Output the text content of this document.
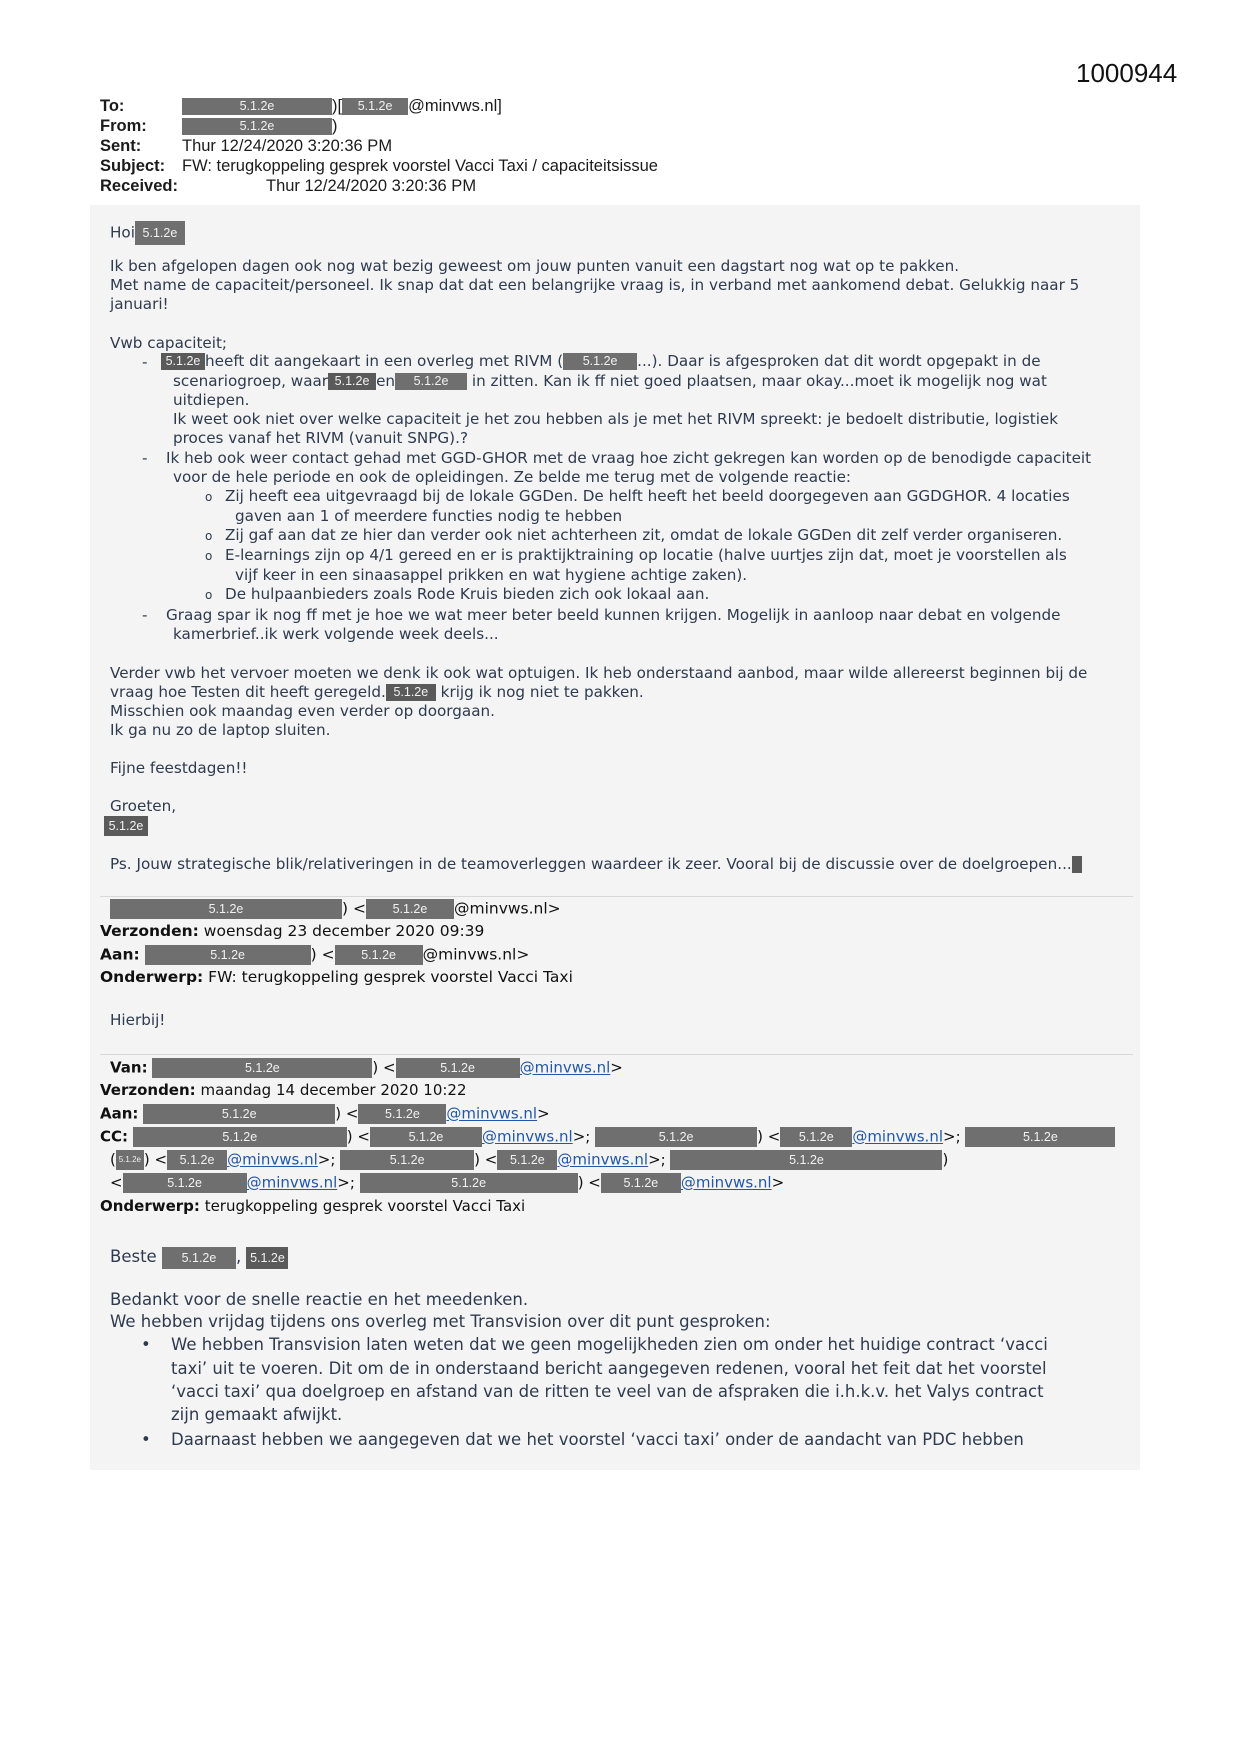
1000944
To:	5.1.2e	)[ 5.1.2e @minvws.nl]
From:	5.1.2e	)
Sent: Thur 12/24/2020 3:20:36 PM
Subject: FW: terugkoppeling gesprek voorstel Vacci Taxi / capaciteitsissue
Received:	Thur 12/24/2020 3:20:36 PM
Hoi 5.1.2e
Ik ben afgelopen dagen ook nog wat bezig geweest om jouw punten vanuit een dagstart nog wat op te pakken.
Met name de capaciteit/personeel. Ik snap dat dat een belangrijke vraag is, in verband met aankomend debat. Gelukkig naar 5
januari!
Vwb capaciteit;
-	5.1.2e heeft dit aangekaart in een overleg met RIVM ( 5.1.2e ...). Daar is afgesproken dat dit wordt opgepakt in de
scenariogroep, waar 5.1.2e en 5.1.2e in zitten. Kan ik ff niet goed plaatsen, maar okay...moet ik mogelijk nog wat
uitdiepen.
Ik weet ook niet over welke capaciteit je het zou hebben als je met het RIVM spreekt: je bedoelt distributie, logistiek
proces vanaf het RIVM (vanuit SNPG).?
- Ik heb ook weer contact gehad met GGD-GHOR met de vraag hoe zicht gekregen kan worden op de benodigde capaciteit
voor de hele periode en ook de opleidingen. Ze belde me terug met de volgende reactie:
o Zij heeft eea uitgevraagd bij de lokale GGDen. De helft heeft het beeld doorgegeven aan GGDGHOR. 4 locaties
gaven aan 1 of meerdere functies nodig te hebben
o Zij gaf aan dat ze hier dan verder ook niet achterheen zit, omdat de lokale GGDen dit zelf verder organiseren.
o E-learnings zijn op 4/1 gereed en er is praktijktraining op locatie (halve uurtjes zijn dat, moet je voorstellen als
vijf keer in een sinaasappel prikken en wat hygiene achtige zaken).
o De hulpaanbieders zoals Rode Kruis bieden zich ook lokaal aan.
- Graag spar ik nog ff met je hoe we wat meer beter beeld kunnen krijgen. Mogelijk in aanloop naar debat en volgende
kamerbrief..ik werk volgende week deels...
Verder vwb het vervoer moeten we denk ik ook wat optuigen. Ik heb onderstaand aanbod, maar wilde allereerst beginnen bij de
vraag hoe Testen dit heeft geregeld. 5.1.2e krijg ik nog niet te pakken.
Misschien ook maandag even verder op doorgaan.
Ik ga nu zo de laptop sluiten.
Fijne feestdagen!!
Groeten,
5.1.2e
Ps. Jouw strategische blik/relativeringen in de teamoverleggen waardeer ik zeer. Vooral bij de discussie over de doelgroepen...
5.1.2e	) < 5.1.2e @minvws.nl>
Verzonden: woensdag 23 december 2020 09:39
Aan:	5.1.2e	) < 5.1.2e @minvws.nl>
Onderwerp: FW: terugkoppeling gesprek voorstel Vacci Taxi
Hierbij!
Van:	5.1.2e	) <	5.1.2e	@minvws.nl>
Verzonden: maandag 14 december 2020 10:22
Aan:	5.1.2e	) < 5.1.2e @minvws.nl>
CC:	5.1.2e	) <	5.1.2e	@minvws.nl>;	5.1.2e	) < 5.1.2e @minvws.nl>;	5.1.2e
( 5.1.2e ) < 5.1.2e @minvws.nl>;	5.1.2e	) < 5.1.2e @minvws.nl>;	5.1.2e	)
<	5.1.2e	@minvws.nl>;	5.1.2e	) < 5.1.2e @minvws.nl>
Onderwerp: terugkoppeling gesprek voorstel Vacci Taxi
Beste 5.1.2e , 5.1.2e
Bedankt voor de snelle reactie en het meedenken.
We hebben vrijdag tijdens ons overleg met Transvision over dit punt gesproken:
• We hebben Transvision laten weten dat we geen mogelijkheden zien om onder het huidige contract ‘vacci
taxi’ uit te voeren. Dit om de in onderstaand bericht aangegeven redenen, vooral het feit dat het voorstel
‘vacci taxi’ qua doelgroep en afstand van de ritten te veel van de afspraken die i.h.k.v. het Valys contract
zijn gemaakt afwijkt.
• Daarnaast hebben we aangegeven dat we het voorstel ‘vacci taxi’ onder de aandacht van PDC hebben
